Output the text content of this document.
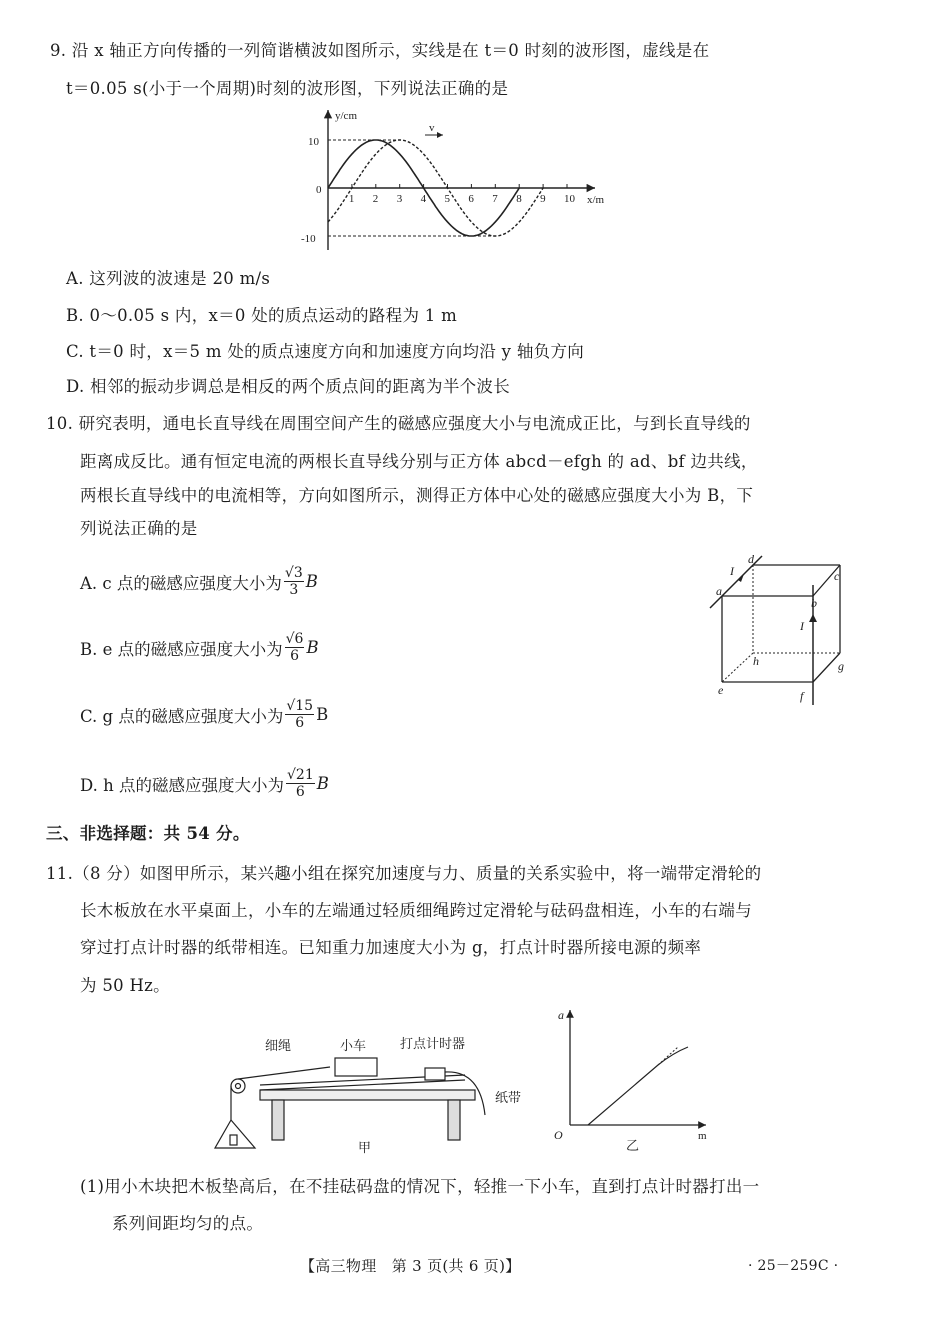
9. 沿 x 轴正方向传播的一列简谐横波如图所示，实线是在 t＝0 时刻的波形图，虚线是在
t＝0.05 s(小于一个周期)时刻的波形图，下列说法正确的是
y/cm
x/m
v
10
0
-10
1 2 3 4 5 6 7 8 9 10
A. 这列波的波速是 20 m/s
B. 0～0.05 s 内，x＝0 处的质点运动的路程为 1 m
C. t＝0 时，x＝5 m 处的质点速度方向和加速度方向均沿 y 轴负方向
D. 相邻的振动步调总是相反的两个质点间的距离为半个波长
10. 研究表明，通电长直导线在周围空间产生的磁感应强度大小与电流成正比，与到长直导线的
距离成反比。通有恒定电流的两根长直导线分别与正方体 abcd－efgh 的 ad、bf 边共线，
两根长直导线中的电流相等，方向如图所示，测得正方体中心处的磁感应强度大小为 B，下
列说法正确的是
A. c 点的磁感应强度大小为 $\frac{√3}{3}$ B
B. e 点的磁感应强度大小为 $\frac{√6}{6}$ B
C. g 点的磁感应强度大小为 $\frac{√15}{6}$ B
D. h 点的磁感应强度大小为 $\frac{√21}{6}$ B
a
b
c
d
e	f
g
h
I
I
三、非选择题：共 54 分。
11.（8 分）如图甲所示，某兴趣小组在探究加速度与力、质量的关系实验中，将一端带定滑轮的
长木板放在水平桌面上，小车的左端通过轻质细绳跨过定滑轮与砝码盘相连，小车的右端与
穿过打点计时器的纸带相连。已知重力加速度大小为 g，打点计时器所接电源的频率
为 50 Hz。
细绳	小车	打点计时器
纸带
甲
a
m
O
乙
(1)用小木块把木板垫高后，在不挂砝码盘的情况下，轻推一下小车，直到打点计时器打出一
系列间距均匀的点。
【高三物理　第 3 页(共 6 页)】	· 25－259C ·
